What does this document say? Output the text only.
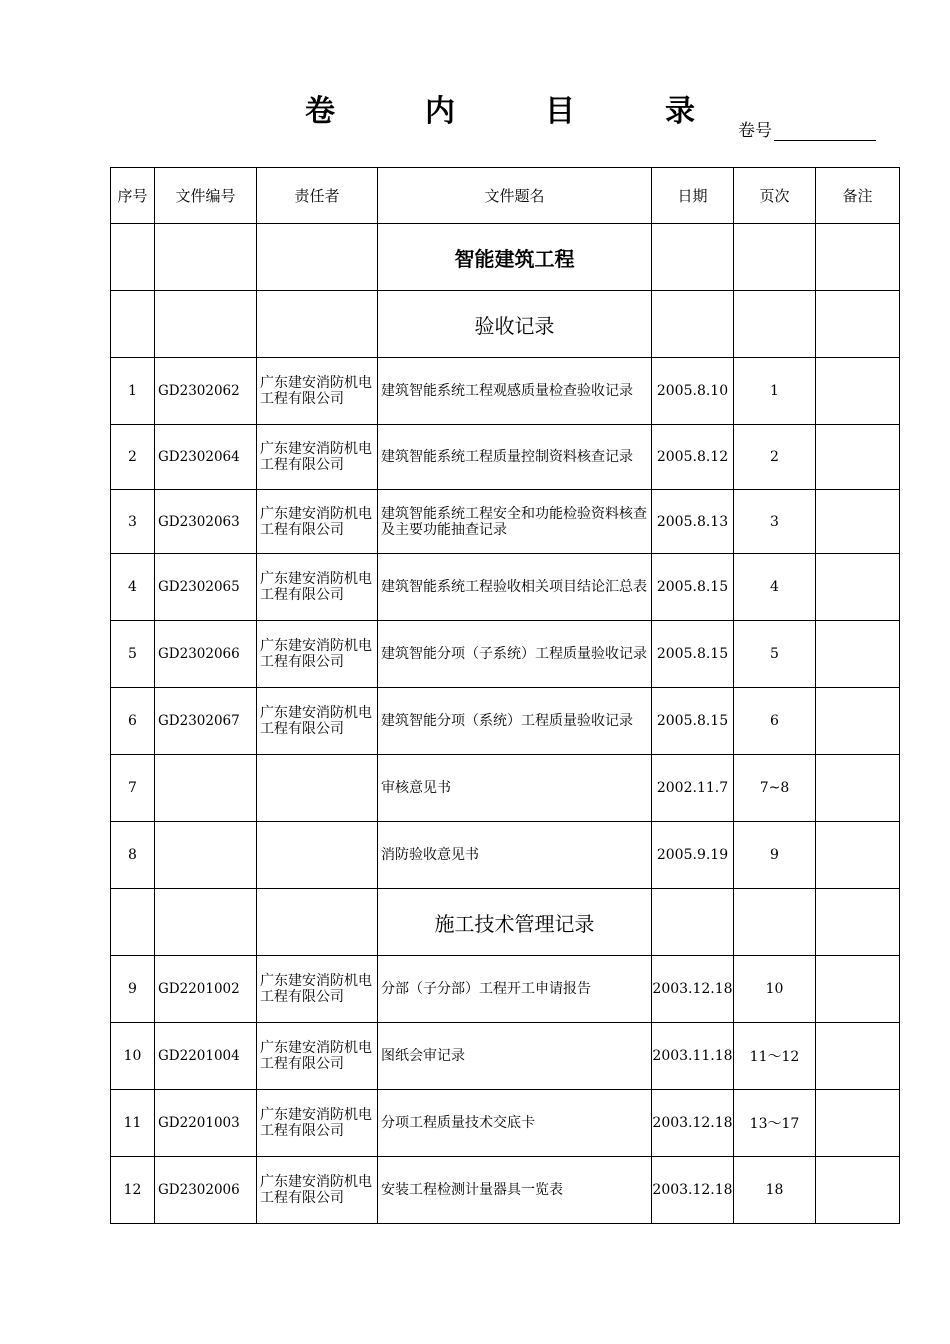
卷　内　目　录
卷号
序号	文件编号	责任者	文件题名	日期	页次	备注
			智能建筑工程			
			验收记录			
1	GD2302062	广东建安消防机电工程有限公司	建筑智能系统工程观感质量检查验收记录	2005.8.10	1	
2	GD2302064	广东建安消防机电工程有限公司	建筑智能系统工程质量控制资料核查记录	2005.8.12	2	
3	GD2302063	广东建安消防机电工程有限公司	建筑智能系统工程安全和功能检验资料核查及主要功能抽查记录	2005.8.13	3	
4	GD2302065	广东建安消防机电工程有限公司	建筑智能系统工程验收相关项目结论汇总表	2005.8.15	4	
5	GD2302066	广东建安消防机电工程有限公司	建筑智能分项（子系统）工程质量验收记录	2005.8.15	5	
6	GD2302067	广东建安消防机电工程有限公司	建筑智能分项（系统）工程质量验收记录	2005.8.15	6	
7			审核意见书	2002.11.7	7~8	
8			消防验收意见书	2005.9.19	9	
			施工技术管理记录			
9	GD2201002	广东建安消防机电工程有限公司	分部（子分部）工程开工申请报告	2003.12.18	10	
10	GD2201004	广东建安消防机电工程有限公司	图纸会审记录	2003.11.18	11～12	
11	GD2201003	广东建安消防机电工程有限公司	分项工程质量技术交底卡	2003.12.18	13～17	
12	GD2302006	广东建安消防机电工程有限公司	安装工程检测计量器具一览表	2003.12.18	18	
